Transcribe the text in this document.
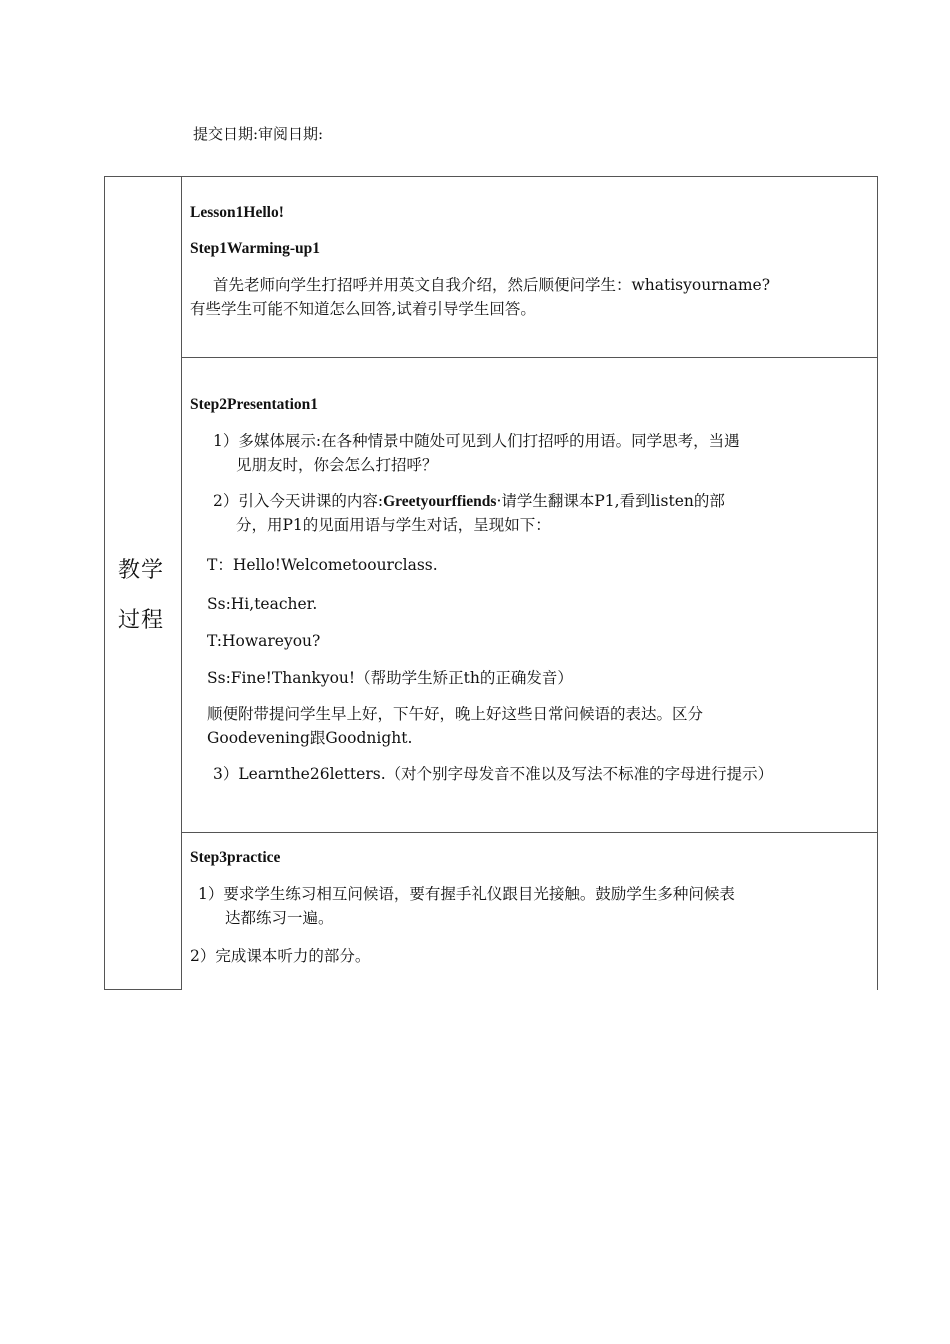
提交日期:审阅日期:
教学
过程
Lesson1Hello!
Step1Warming-up1
首先老师向学生打招呼并用英文自我介绍，然后顺便问学生：whatisyourname?
有些学生可能不知道怎么回答,试着引导学生回答。
Step2Presentation1
1）多媒体展示:在各种情景中随处可见到人们打招呼的用语。同学思考，当遇
见朋友时，你会怎么打招呼？
2）引入今天讲课的内容:Greetyourffiends·请学生翻课本P1,看到listen的部
分，用P1的见面用语与学生对话，呈现如下：
T：Hello!Welcometoourclass.
Ss:Hi,teacher.
T:Howareyou?
Ss:Fine!Thankyou!（帮助学生矫正th的正确发音）
顺便附带提问学生早上好，下午好，晚上好这些日常问候语的表达。区分
Goodevening跟Goodnight.
3）Learnthe26letters.（对个别字母发音不准以及写法不标准的字母进行提示）
Step3practice
1）要求学生练习相互问候语，要有握手礼仪跟目光接触。鼓励学生多种问候表
达都练习一遍。
2）完成课本听力的部分。
